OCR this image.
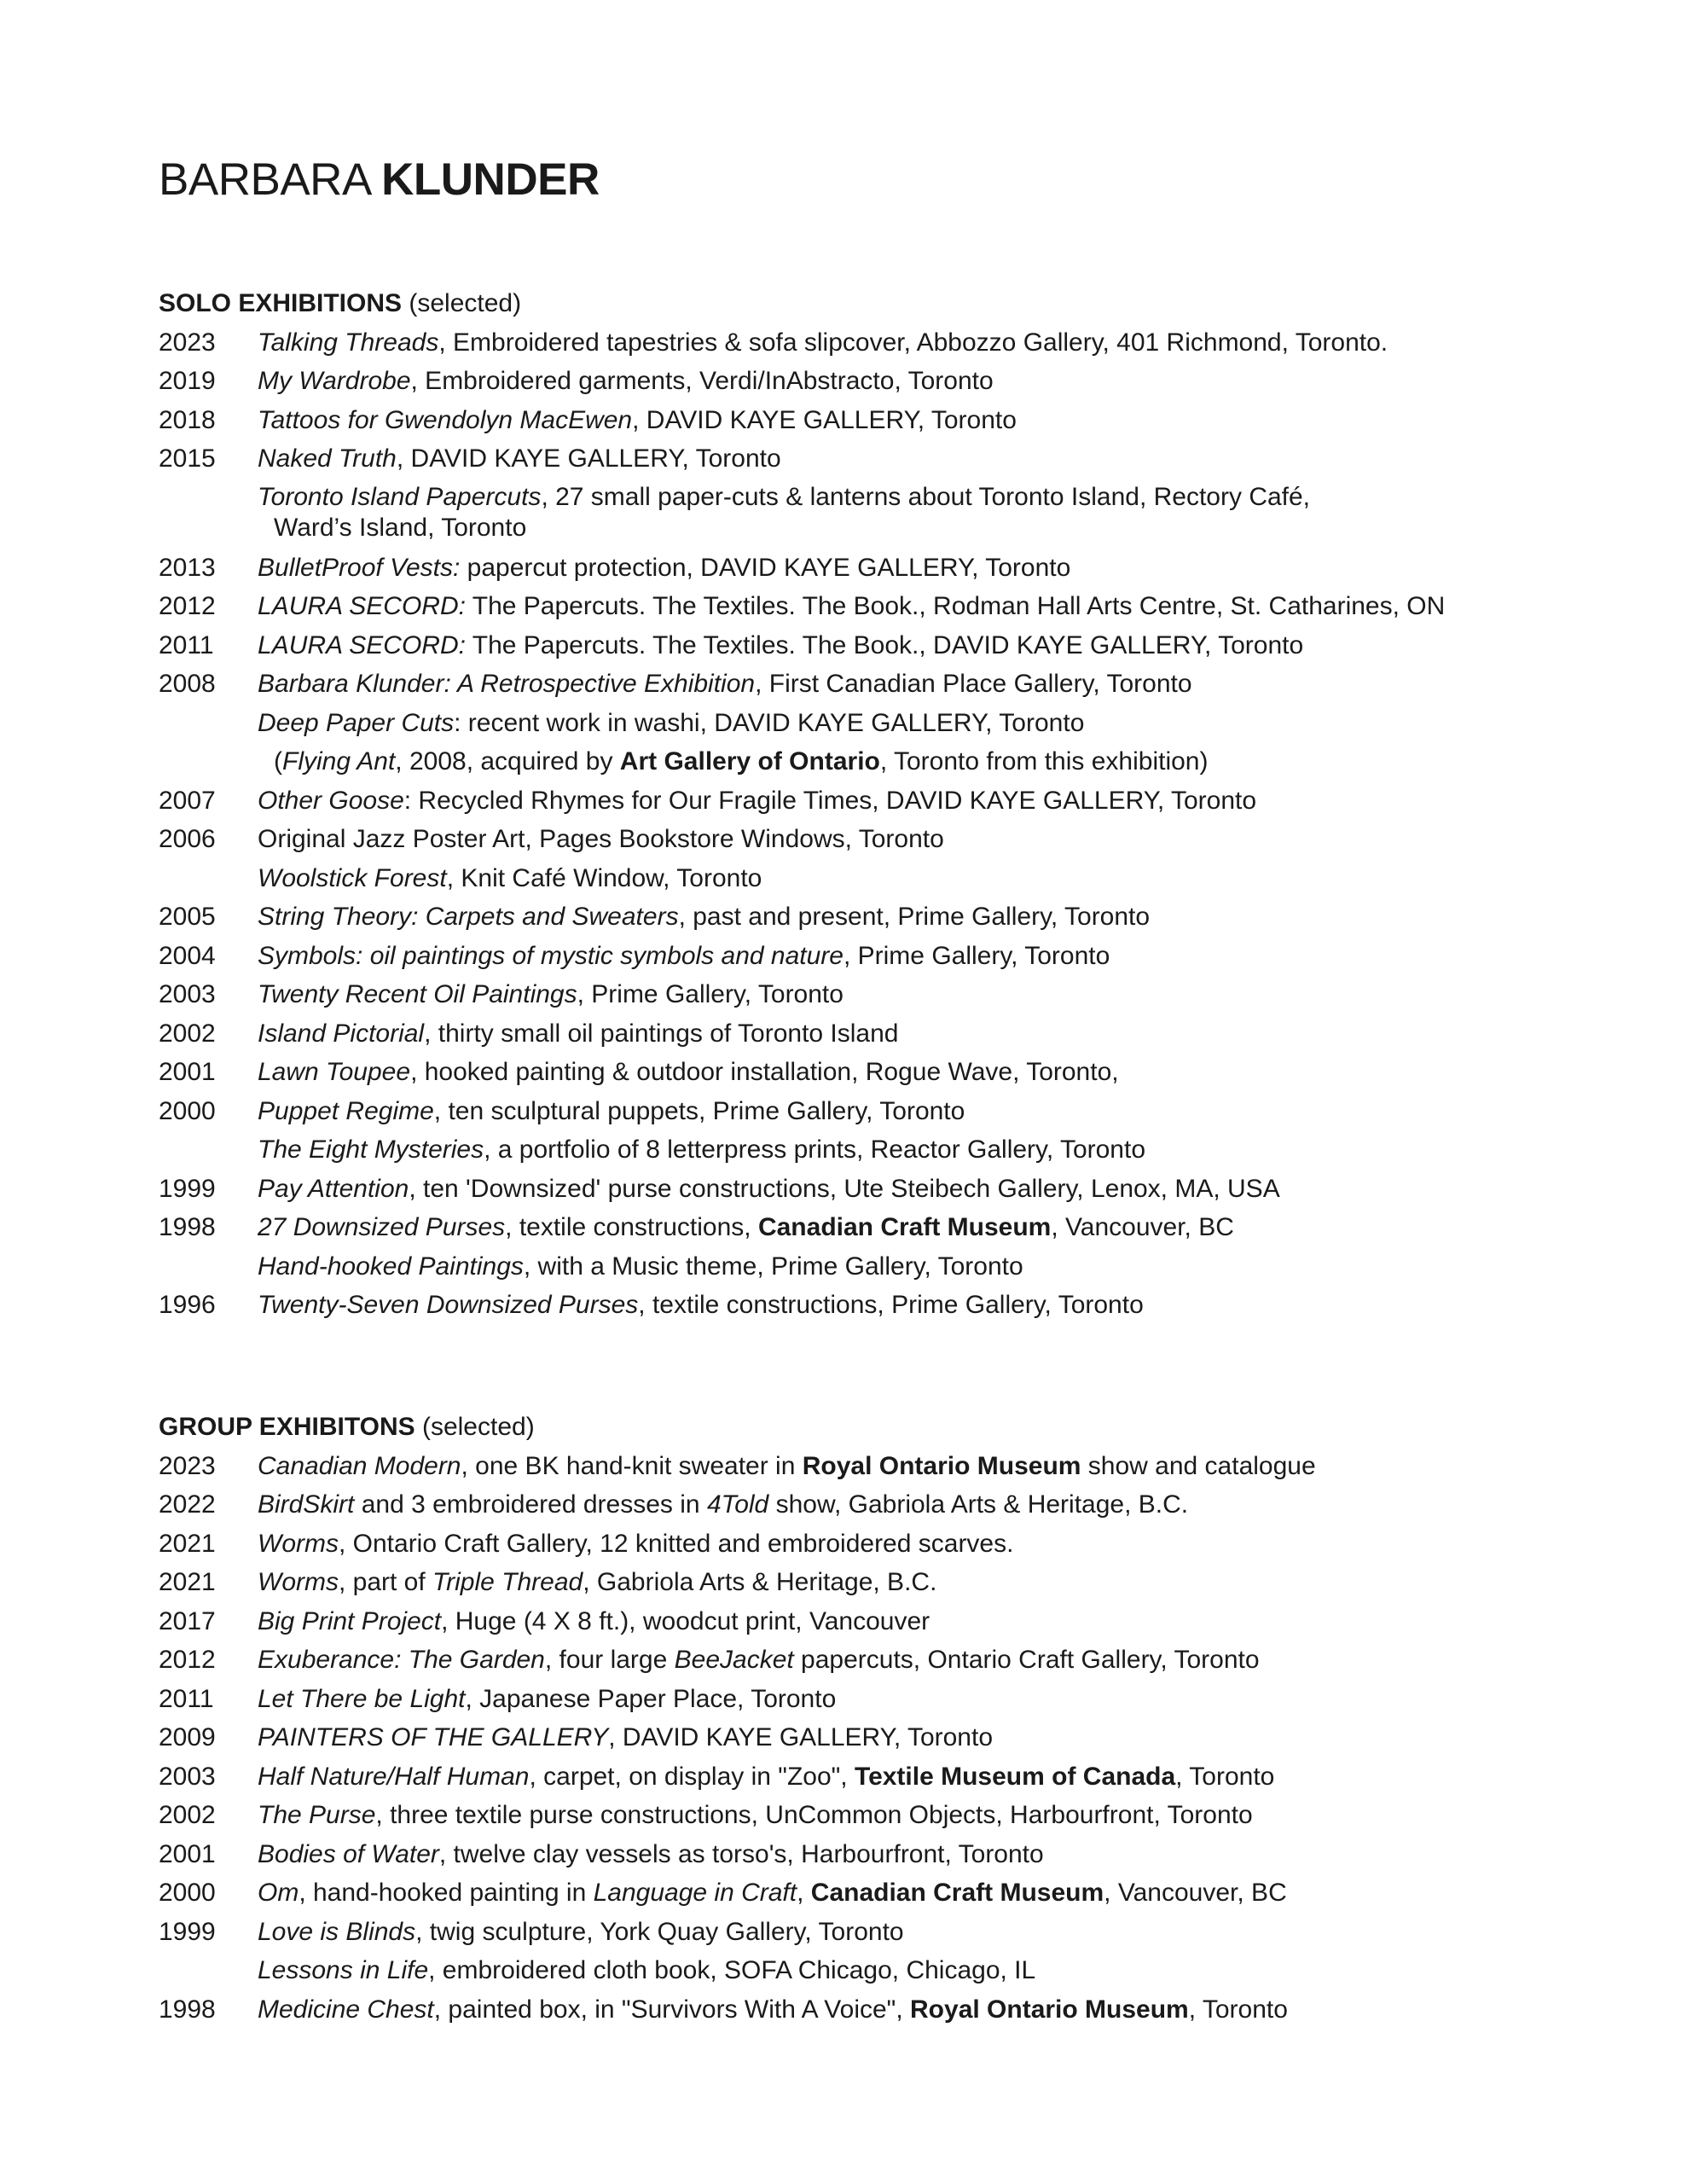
BARBARA KLUNDER

SOLO EXHIBITIONS (selected)

2023	Talking Threads, Embroidered tapestries & sofa slipcover, Abbozzo Gallery, 401 Richmond, Toronto.
2019	My Wardrobe, Embroidered garments, Verdi/InAbstracto, Toronto
2018	Tattoos for Gwendolyn MacEwen, DAVID KAYE GALLERY, Toronto
2015	Naked Truth, DAVID KAYE GALLERY, Toronto
Toronto Island Papercuts, 27 small paper-cuts & lanterns about Toronto Island, Rectory Café,
Ward’s Island, Toronto
2013	BulletProof Vests: papercut protection, DAVID KAYE GALLERY, Toronto
2012	LAURA SECORD: The Papercuts. The Textiles. The Book., Rodman Hall Arts Centre, St. Catharines, ON
2011	LAURA SECORD: The Papercuts. The Textiles. The Book., DAVID KAYE GALLERY, Toronto
2008	Barbara Klunder: A Retrospective Exhibition, First Canadian Place Gallery, Toronto
Deep Paper Cuts: recent work in washi, DAVID KAYE GALLERY, Toronto
(Flying Ant, 2008, acquired by Art Gallery of Ontario, Toronto from this exhibition)
2007	Other Goose: Recycled Rhymes for Our Fragile Times, DAVID KAYE GALLERY, Toronto
2006	Original Jazz Poster Art, Pages Bookstore Windows, Toronto
Woolstick Forest, Knit Café Window, Toronto
2005	String Theory: Carpets and Sweaters, past and present, Prime Gallery, Toronto
2004	Symbols: oil paintings of mystic symbols and nature, Prime Gallery, Toronto
2003	Twenty Recent Oil Paintings, Prime Gallery, Toronto
2002	Island Pictorial, thirty small oil paintings of Toronto Island
2001	Lawn Toupee, hooked painting & outdoor installation, Rogue Wave, Toronto,
2000	Puppet Regime, ten sculptural puppets, Prime Gallery, Toronto
The Eight Mysteries, a portfolio of 8 letterpress prints, Reactor Gallery, Toronto
1999	Pay Attention, ten 'Downsized' purse constructions, Ute Steibech Gallery, Lenox, MA, USA
1998	27 Downsized Purses, textile constructions, Canadian Craft Museum, Vancouver, BC
Hand-hooked Paintings, with a Music theme, Prime Gallery, Toronto
1996	Twenty-Seven Downsized Purses, textile constructions, Prime Gallery, Toronto

GROUP EXHIBITONS (selected)

2023	Canadian Modern, one BK hand-knit sweater in Royal Ontario Museum show and catalogue
2022	BirdSkirt and 3 embroidered dresses in 4Told show, Gabriola Arts & Heritage, B.C.
2021	Worms, Ontario Craft Gallery, 12 knitted and embroidered scarves.
2021	Worms, part of Triple Thread, Gabriola Arts & Heritage, B.C.
2017	Big Print Project, Huge (4 X 8 ft.), woodcut print, Vancouver
2012	Exuberance: The Garden, four large BeeJacket papercuts, Ontario Craft Gallery, Toronto
2011	Let There be Light, Japanese Paper Place, Toronto
2009	PAINTERS OF THE GALLERY, DAVID KAYE GALLERY, Toronto
2003	Half Nature/Half Human, carpet, on display in "Zoo", Textile Museum of Canada, Toronto
2002	The Purse, three textile purse constructions, UnCommon Objects, Harbourfront, Toronto
2001	Bodies of Water, twelve clay vessels as torso's, Harbourfront, Toronto
2000	Om, hand-hooked painting in Language in Craft, Canadian Craft Museum, Vancouver, BC
1999	Love is Blinds, twig sculpture, York Quay Gallery, Toronto
Lessons in Life, embroidered cloth book, SOFA Chicago, Chicago, IL
1998	Medicine Chest, painted box, in "Survivors With A Voice", Royal Ontario Museum, Toronto
